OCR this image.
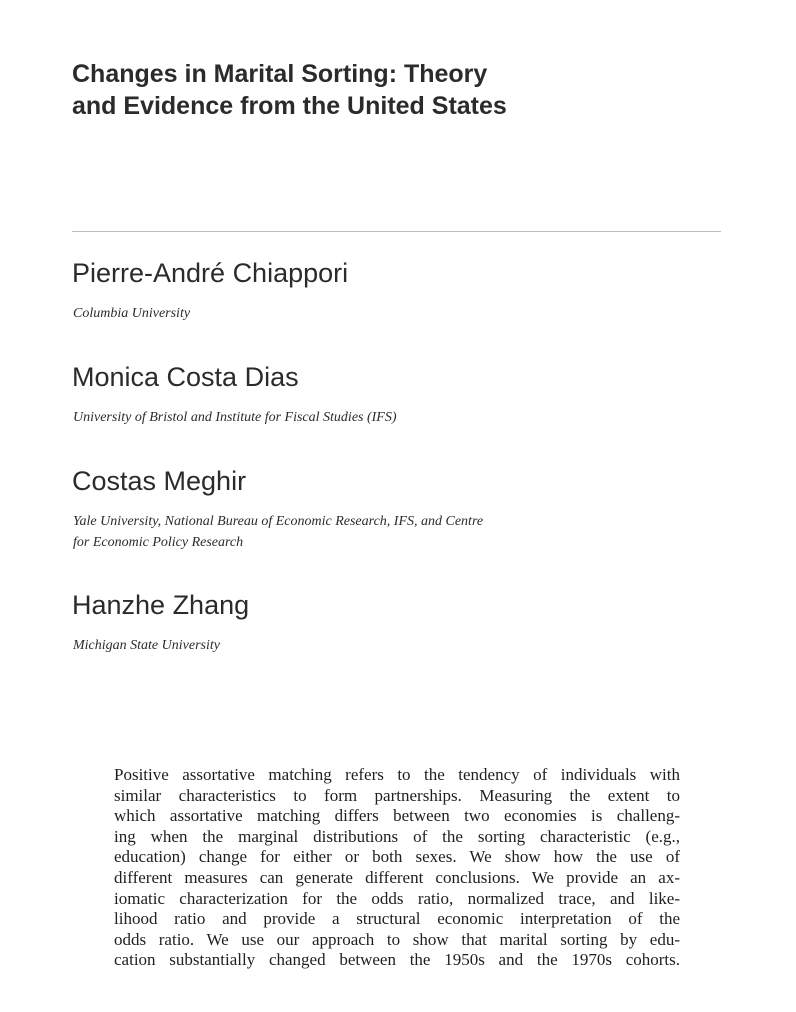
Changes in Marital Sorting: Theory
and Evidence from the United States
Pierre-André Chiappori

Columbia University

Monica Costa Dias

University of Bristol and Institute for Fiscal Studies (IFS)

Costas Meghir

Yale University, National Bureau of Economic Research, IFS, and Centre
for Economic Policy Research

Hanzhe Zhang

Michigan State University

Positive assortative matching refers to the tendency of individuals with
similar characteristics to form partnerships. Measuring the extent to
which assortative matching differs between two economies is challeng-
ing when the marginal distributions of the sorting characteristic (e.g.,
education) change for either or both sexes. We show how the use of
different measures can generate different conclusions. We provide an ax-
iomatic characterization for the odds ratio, normalized trace, and like-
lihood ratio and provide a structural economic interpretation of the
odds ratio. We use our approach to show that marital sorting by edu-
cation substantially changed between the 1950s and the 1970s cohorts.
